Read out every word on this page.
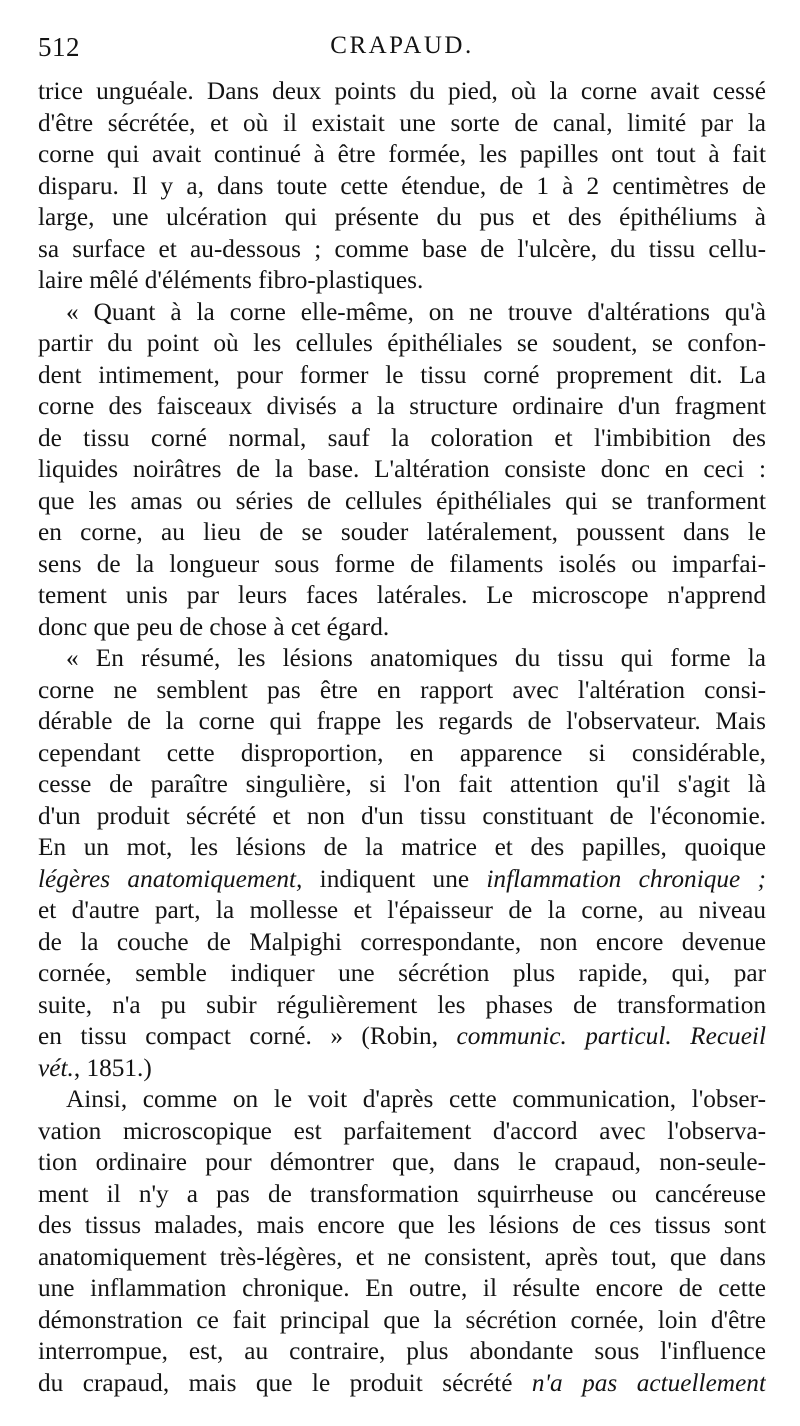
512	CRAPAUD.
trice unguéale. Dans deux points du pied, où la corne avait cessé
d'être sécrétée, et où il existait une sorte de canal, limité par la
corne qui avait continué à être formée, les papilles ont tout à fait
disparu. Il y a, dans toute cette étendue, de 1 à 2 centimètres de
large, une ulcération qui présente du pus et des épithéliums à
sa surface et au-dessous ; comme base de l'ulcère, du tissu cellu-
laire mêlé d'éléments fibro-plastiques.
« Quant à la corne elle-même, on ne trouve d'altérations qu'à
partir du point où les cellules épithéliales se soudent, se confon-
dent intimement, pour former le tissu corné proprement dit. La
corne des faisceaux divisés a la structure ordinaire d'un fragment
de tissu corné normal, sauf la coloration et l'imbibition des
liquides noirâtres de la base. L'altération consiste donc en ceci :
que les amas ou séries de cellules épithéliales qui se tranforment
en corne, au lieu de se souder latéralement, poussent dans le
sens de la longueur sous forme de filaments isolés ou imparfai-
tement unis par leurs faces latérales. Le microscope n'apprend
donc que peu de chose à cet égard.
« En résumé, les lésions anatomiques du tissu qui forme la
corne ne semblent pas être en rapport avec l'altération consi-
dérable de la corne qui frappe les regards de l'observateur. Mais
cependant cette disproportion, en apparence si considérable,
cesse de paraître singulière, si l'on fait attention qu'il s'agit là
d'un produit sécrété et non d'un tissu constituant de l'économie.
En un mot, les lésions de la matrice et des papilles, quoique
légères anatomiquement, indiquent une inflammation chronique ;
et d'autre part, la mollesse et l'épaisseur de la corne, au niveau
de la couche de Malpighi correspondante, non encore devenue
cornée, semble indiquer une sécrétion plus rapide, qui, par
suite, n'a pu subir régulièrement les phases de transformation
en tissu compact corné. » (Robin, communic. particul. Recueil
vét., 1851.)
Ainsi, comme on le voit d'après cette communication, l'obser-
vation microscopique est parfaitement d'accord avec l'observa-
tion ordinaire pour démontrer que, dans le crapaud, non-seule-
ment il n'y a pas de transformation squirrheuse ou cancéreuse
des tissus malades, mais encore que les lésions de ces tissus sont
anatomiquement très-légères, et ne consistent, après tout, que dans
une inflammation chronique. En outre, il résulte encore de cette
démonstration ce fait principal que la sécrétion cornée, loin d'être
interrompue, est, au contraire, plus abondante sous l'influence
du crapaud, mais que le produit sécrété n'a pas actuellement
